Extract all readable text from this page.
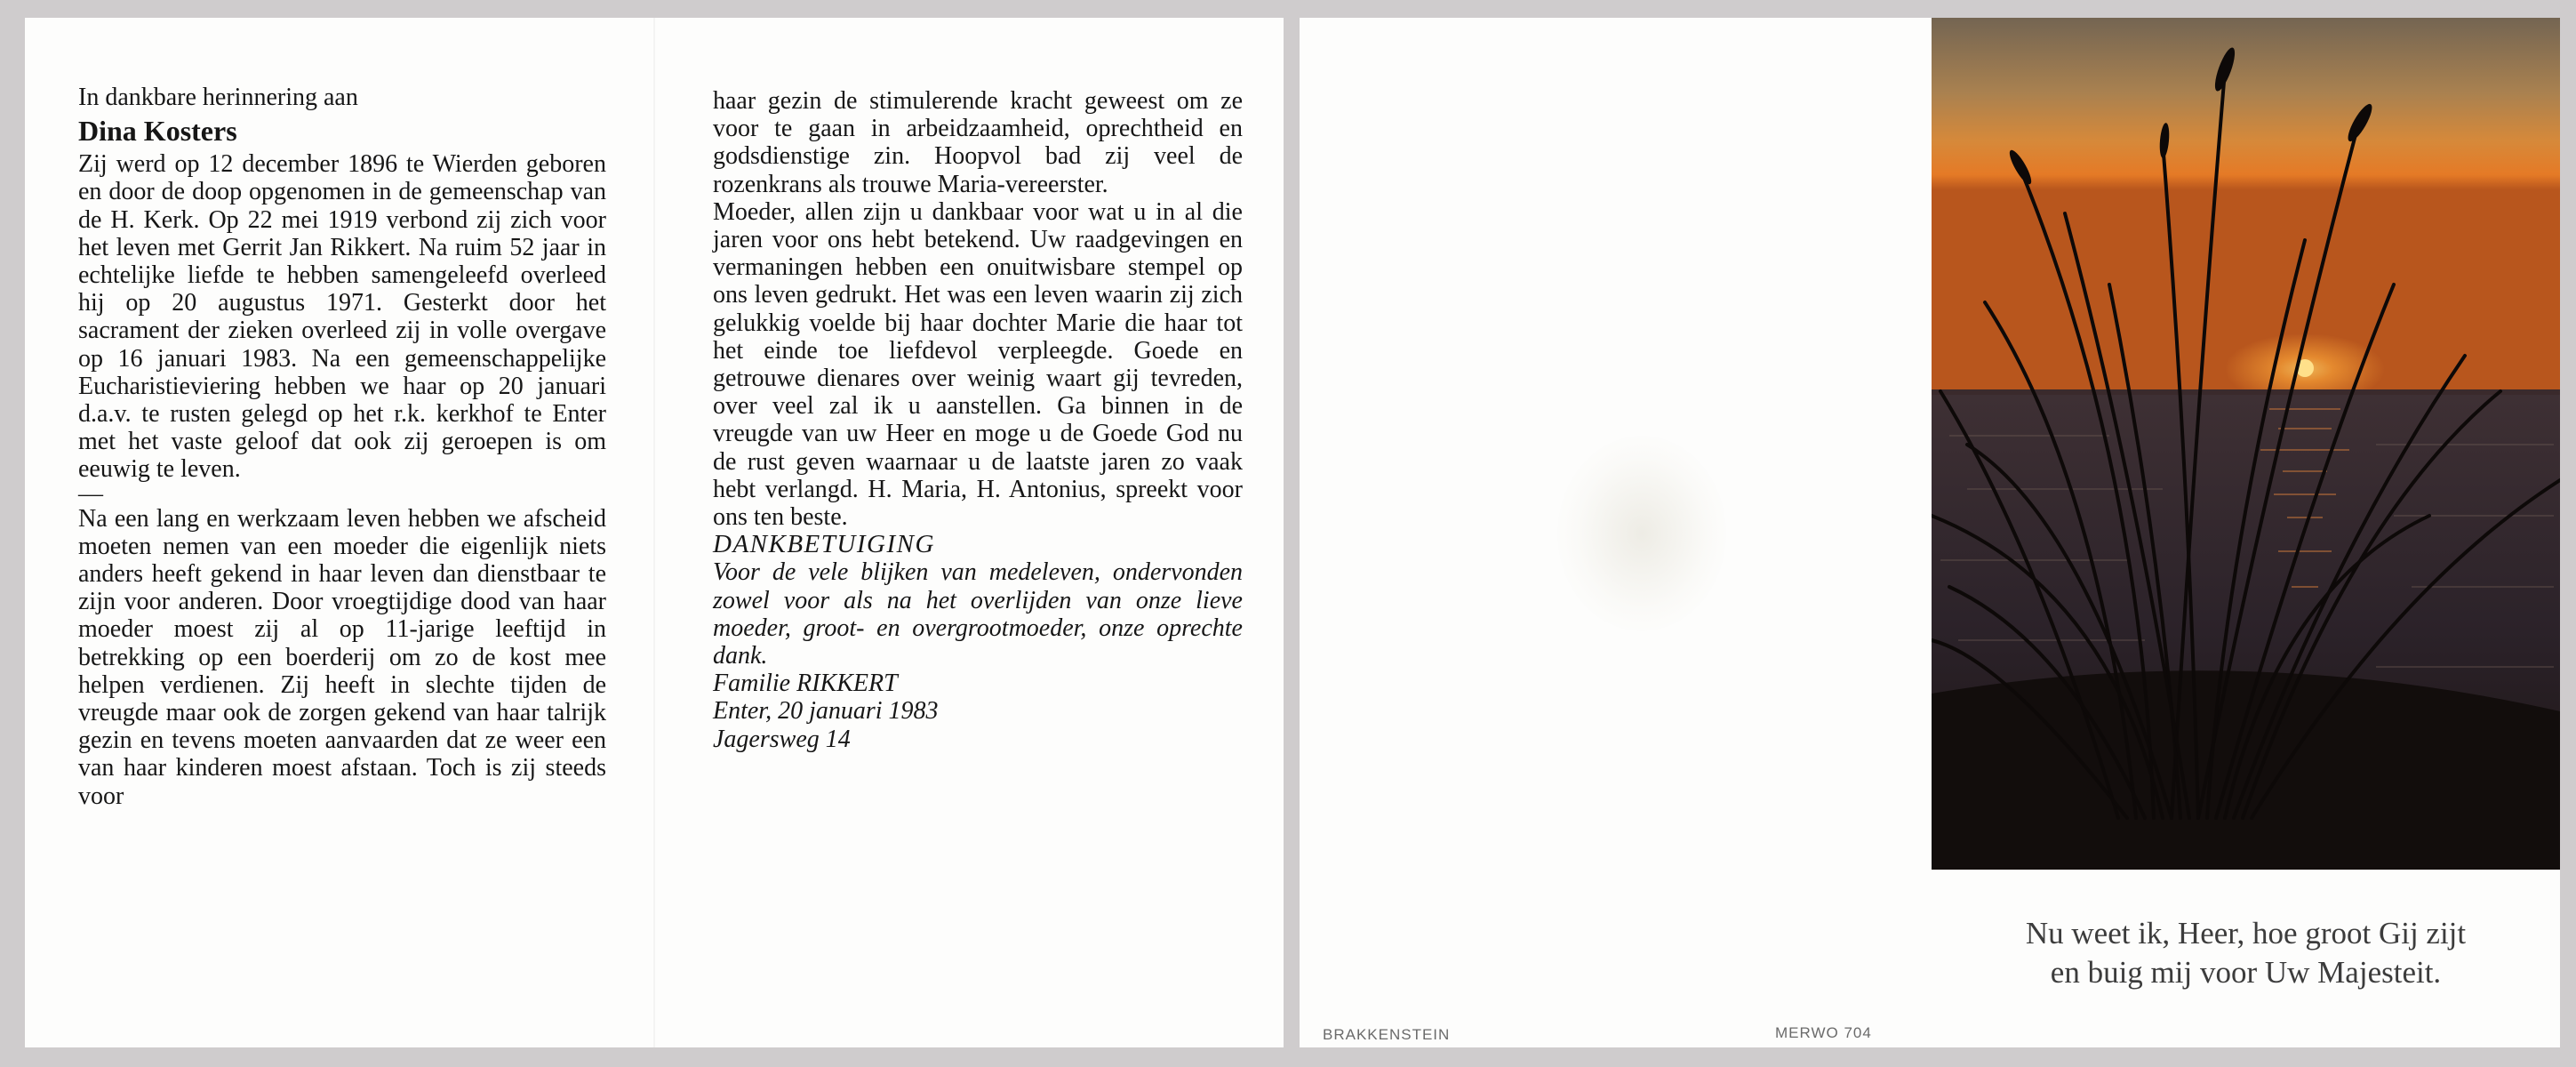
In dankbare herinnering aan

Dina Kosters

Zij werd op 12 december 1896 te Wierden geboren en door de doop opgenomen in de gemeenschap van de H. Kerk. Op 22 mei 1919 verbond zij zich voor het leven met Gerrit Jan Rikkert. Na ruim 52 jaar in echtelijke liefde te hebben samengeleefd overleed hij op 20 augustus 1971. Gesterkt door het sacrament der zieken overleed zij in volle overgave op 16 januari 1983. Na een gemeenschappelijke Eucharistieviering hebben we haar op 20 januari d.a.v. te rusten gelegd op het r.k. kerkhof te Enter met het vaste geloof dat ook zij geroepen is om eeuwig te leven.

—

Na een lang en werkzaam leven hebben we afscheid moeten nemen van een moeder die eigenlijk niets anders heeft gekend in haar leven dan dienstbaar te zijn voor anderen. Door vroegtijdige dood van haar moeder moest zij al op 11-jarige leeftijd in betrekking op een boerderij om zo de kost mee helpen verdienen. Zij heeft in slechte tijden de vreugde maar ook de zorgen gekend van haar talrijk gezin en tevens moeten aanvaarden dat ze weer een van haar kinderen moest afstaan. Toch is zij steeds voor

haar gezin de stimulerende kracht geweest om ze voor te gaan in arbeidzaamheid, oprechtheid en godsdienstige zin. Hoopvol bad zij veel de rozenkrans als trouwe Maria-vereerster.

Moeder, allen zijn u dankbaar voor wat u in al die jaren voor ons hebt betekend. Uw raadgevingen en vermaningen hebben een onuitwisbare stempel op ons leven gedrukt. Het was een leven waarin zij zich gelukkig voelde bij haar dochter Marie die haar tot het einde toe liefdevol verpleegde. Goede en getrouwe dienares over weinig waart gij tevreden, over veel zal ik u aanstellen. Ga binnen in de vreugde van uw Heer en moge u de Goede God nu de rust geven waarnaar u de laatste jaren zo vaak hebt verlangd. H. Maria, H. Antonius, spreekt voor ons ten beste.

DANKBETUIGING

Voor de vele blijken van medeleven, ondervonden zowel voor als na het overlijden van onze lieve moeder, groot- en overgrootmoeder, onze oprechte dank.

Familie RIKKERT

Enter, 20 januari 1983

Jagersweg 14

Nu weet ik, Heer, hoe groot Gij zijt
en buig mij voor Uw Majesteit.
BRAKKENSTEIN	MERWO 704
